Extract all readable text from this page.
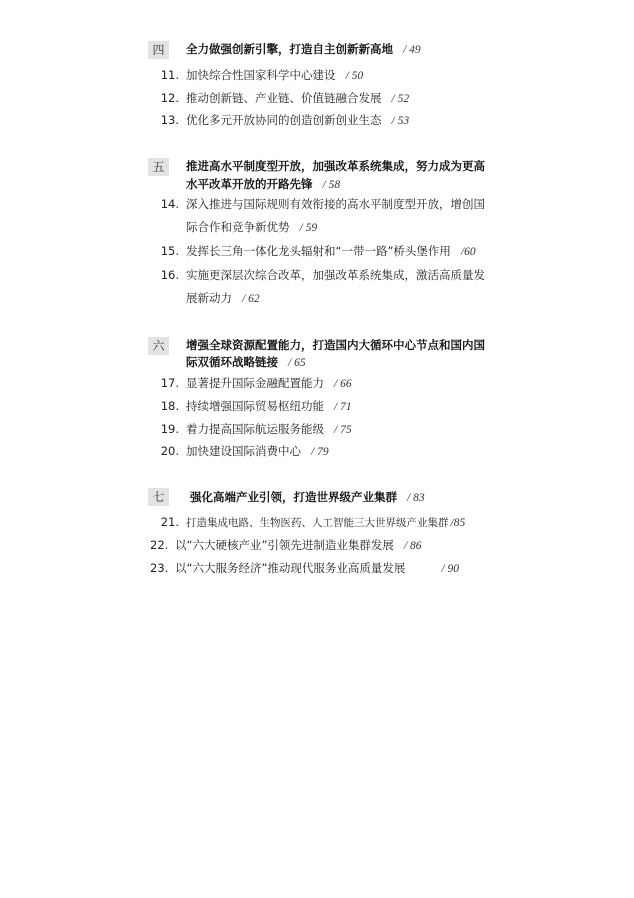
四	全力做强创新引擎，打造自主创新新高地 / 49
11. 加快综合性国家科学中心建设 / 50
12. 推动创新链、产业链、价值链融合发展 / 52
13. 优化多元开放协同的创造创新创业生态 / 53
五	推进高水平制度型开放，加强改革系统集成，努力成为更高
水平改革开放的开路先锋 / 58
14. 深入推进与国际规则有效衔接的高水平制度型开放，增创国
际合作和竞争新优势 / 59
15. 发挥长三角一体化龙头辐射和“一带一路”桥头堡作用 /60
16. 实施更深层次综合改革，加强改革系统集成，激活高质量发
展新动力 / 62
六	增强全球资源配置能力，打造国内大循环中心节点和国内国
际双循环战略链接 / 65
17. 显著提升国际金融配置能力 / 66
18. 持续增强国际贸易枢纽功能 / 71
19. 着力提高国际航运服务能级 / 75
20. 加快建设国际消费中心 / 79
七	强化高端产业引领，打造世界级产业集群 / 83
21. 打造集成电路、生物医药、人工智能三大世界级产业集群 /85
22. 以“六大硬核产业”引领先进制造业集群发展 / 86
23. 以“六大服务经济”推动现代服务业高质量发展	/ 90
